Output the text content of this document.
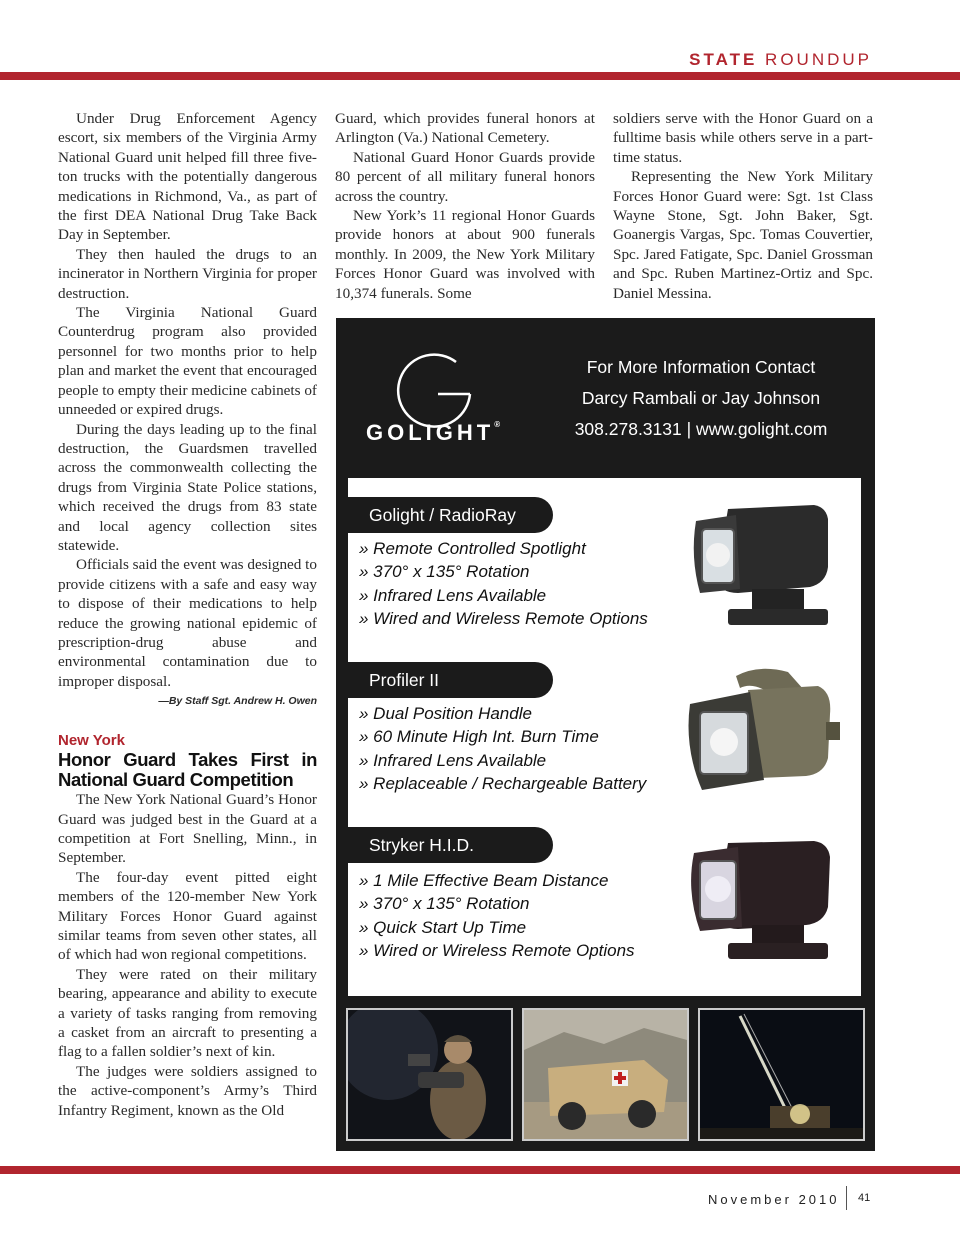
STATE ROUNDUP

Under Drug Enforcement Agency escort, six members of the Virginia Army National Guard unit helped fill three five-ton trucks with the potentially dangerous medications in Richmond, Va., as part of the first DEA National Drug Take Back Day in September.

They then hauled the drugs to an incinerator in Northern Virginia for proper destruction.

The Virginia National Guard Counterdrug program also provided personnel for two months prior to help plan and market the event that encouraged people to empty their medicine cabinets of unneeded or expired drugs.

During the days leading up to the final destruction, the Guardsmen travelled across the commonwealth collecting the drugs from Virginia State Police stations, which received the drugs from 83 state and local agency collection sites statewide.

Officials said the event was designed to provide citizens with a safe and easy way to dispose of their medications to help reduce the growing national epidemic of prescription-drug abuse and environmental contamination due to improper disposal.

—By Staff Sgt. Andrew H. Owen
New York
Honor Guard Takes First in National Guard Competition

The New York National Guard’s Honor Guard was judged best in the Guard at a competition at Fort Snelling, Minn., in September.

The four-day event pitted eight members of the 120-member New York Military Forces Honor Guard against similar teams from seven other states, all of which had won regional competitions.

They were rated on their military bearing, appearance and ability to execute a variety of tasks ranging from removing a casket from an aircraft to presenting a flag to a fallen soldier’s next of kin.

The judges were soldiers assigned to the active-component’s Army’s Third Infantry Regiment, known as the Old

Guard, which provides funeral honors at Arlington (Va.) National Cemetery.

National Guard Honor Guards provide 80 percent of all military funeral honors across the country.

New York’s 11 regional Honor Guards provide honors at about 900 funerals monthly. In 2009, the New York Military Forces Honor Guard was involved with 10,374 funerals. Some

soldiers serve with the Honor Guard on a fulltime basis while others serve in a part-time status.

Representing the New York Military Forces Honor Guard were: Sgt. 1st Class Wayne Stone, Sgt. John Baker, Sgt. Goanergis Vargas, Spc. Tomas Couvertier, Spc. Jared Fatigate, Spc. Daniel Grossman and Spc. Ruben Martinez-Ortiz and Spc. Daniel Messina.

GOLIGHT®
For More Information Contact
Darcy Rambali or Jay Johnson
308.278.3131 | www.golight.com
Golight / RadioRay
» Remote Controlled Spotlight
» 370° x 135° Rotation
» Infrared Lens Available
» Wired and Wireless Remote Options
Profiler II
» Dual Position Handle
» 60 Minute High Int. Burn Time
» Infrared Lens Available
» Replaceable / Rechargeable Battery
Stryker H.I.D.
» 1 Mile Effective Beam Distance
» 370° x 135° Rotation
» Quick Start Up Time
» Wired or Wireless Remote Options
November 2010 41
